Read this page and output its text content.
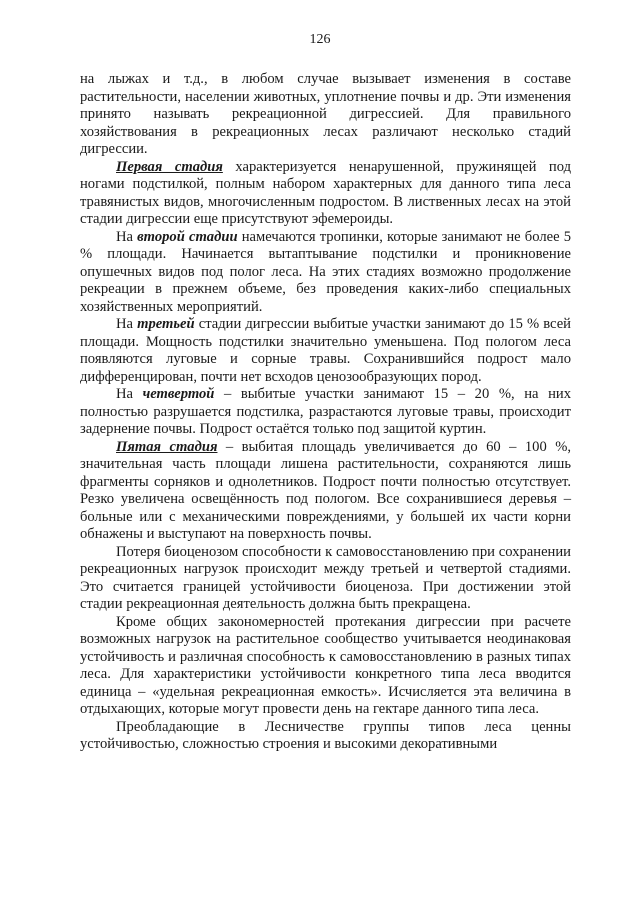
126

на лыжах и т.д., в любом случае вызывает изменения в составе растительности, населении животных, уплотнение почвы и др. Эти изменения принято называть рекреационной дигрессией. Для правильного хозяйствования в рекреационных лесах различают несколько стадий дигрессии.

Первая стадия характеризуется ненарушенной, пружинящей под ногами подстилкой, полным набором характерных для данного типа леса травянистых видов, многочисленным подростом. В лиственных лесах на этой стадии дигрессии еще присутствуют эфемероиды.

На второй стадии намечаются тропинки, которые занимают не более 5 % площади. Начинается вытаптывание подстилки и проникновение опушечных видов под полог леса. На этих стадиях возможно продолжение рекреации в прежнем объеме, без проведения каких-либо специальных хозяйственных мероприятий.

На третьей стадии дигрессии выбитые участки занимают до 15 % всей площади. Мощность подстилки значительно уменьшена. Под пологом леса появляются луговые и сорные травы. Сохранившийся подрост мало дифференцирован, почти нет всходов ценозообразующих пород.

На четвертой – выбитые участки занимают 15 – 20 %, на них полностью разрушается подстилка, разрастаются луговые травы, происходит задернение почвы. Подрост остаётся только под защитой куртин.

Пятая стадия – выбитая площадь увеличивается до 60 – 100 %, значительная часть площади лишена растительности, сохраняются лишь фрагменты сорняков и однолетников. Подрост почти полностью отсутствует. Резко увеличена освещённость под пологом. Все сохранившиеся деревья – больные или с механическими повреждениями, у большей их части корни обнажены и выступают на поверхность почвы.

Потеря биоценозом способности к самовосстановлению при сохранении рекреационных нагрузок происходит между третьей и четвертой стадиями. Это считается границей устойчивости биоценоза. При достижении этой стадии рекреационная деятельность должна быть прекращена.

Кроме общих закономерностей протекания дигрессии при расчете возможных нагрузок на растительное сообщество учитывается неодинаковая устойчивость и различная способность к самовосстановлению в разных типах леса. Для характеристики устойчивости конкретного типа леса вводится единица – «удельная рекреационная емкость». Исчисляется эта величина в отдыхающих, которые могут провести день на гектаре данного типа леса.

Преобладающие в Лесничестве группы типов леса ценны устойчивостью, сложностью строения и высокими декоративными
